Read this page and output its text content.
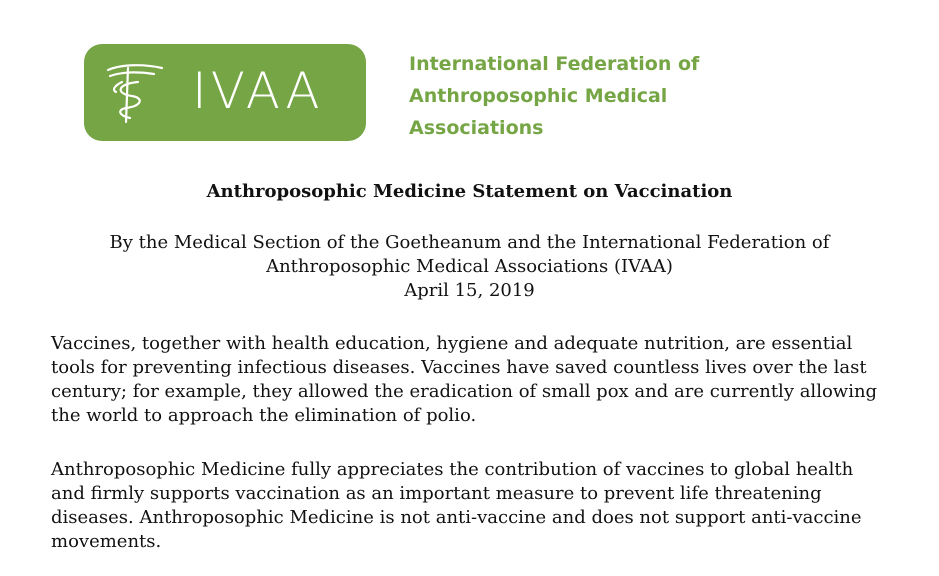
IVAA	International Federation of
Anthroposophic Medical
Associations
Anthroposophic Medicine Statement on Vaccination
By the Medical Section of the Goetheanum and the International Federation of
Anthroposophic Medical Associations (IVAA)
April 15, 2019
Vaccines, together with health education, hygiene and adequate nutrition, are essential
tools for preventing infectious diseases. Vaccines have saved countless lives over the last
century; for example, they allowed the eradication of small pox and are currently allowing
the world to approach the elimination of polio.
Anthroposophic Medicine fully appreciates the contribution of vaccines to global health
and firmly supports vaccination as an important measure to prevent life threatening
diseases. Anthroposophic Medicine is not anti-vaccine and does not support anti-vaccine
movements.
